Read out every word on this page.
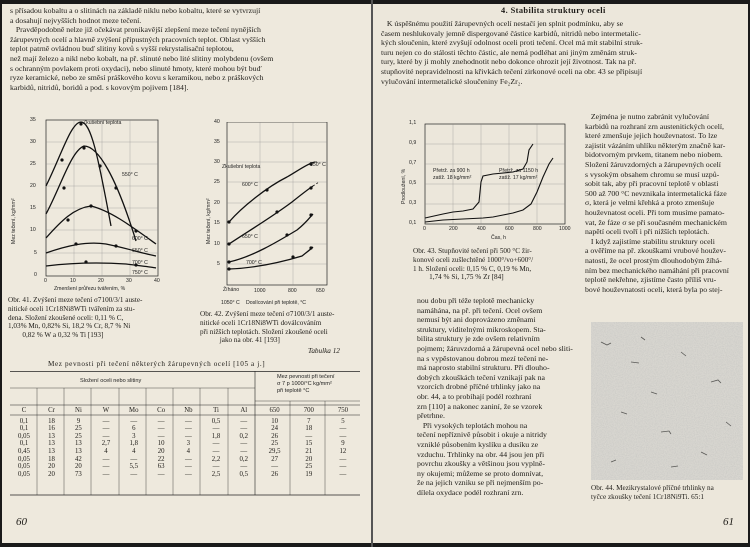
s přísadou kobaltu a o slitinách na základě niklu nebo kobaltu, které se vytvrzují
a dosahují nejvyšších hodnot meze tečení.
Pravděpodobně nelze již očekávat pronikavější zlepšení meze tečení nynějších
žárupevných ocelí a hlavně zvýšení přípustných pracovních teplot. Oblast vyšších
teplot patrně ovládnou buď slitiny kovů s vyšší rekrystalisační teplotou,
než mají železo a nikl nebo kobalt, na př. slinuté nebo lité slitiny molybdenu (ovšem
s ochranným povlakem proti oxydaci), nebo slinuté hmoty, které mohou být buď
ryze keramické, nebo ze směsí práškového kovu s keramikou, nebo z práškových
karbidů, nitridů, boridů a pod. s kovovým pojivem [184].
Zkušební teplota
35
30
25
20
15
10
5
0
Mez tečení, kg/mm²
0	10	20	30	40
Zmenšení průřezu tvářením, %
550° C
600° C
650° C
700° C
750° C
Obr. 41. Zvýšení meze tečení σ7100/3/1 auste-
nitické oceli 1Cr18Ni8WTi tvářením za stu-
dena. Složení zkoušené oceli: 0,11 % C,
1,03% Mn, 0,82% Si, 18,2 % Cr, 8,7 % Ni
0,82 % W a 0,32 % Ti [193]
Zkušební teplota
40
35
30
25
20
15
10
5
Mez tečení, kg/mm²
550° C
600° C
650° C
700° C
Žíháno
1050° C
1000	800	650
Doslícování při teplotě, °C
Obr. 42. Zvýšení meze tečení σ7100/3/1 auste-
nitické oceli 1Cr18Ni8WTi doválcováním
při nižších teplotách. Složení zkoušené oceli
jako na obr. 41 [193]
Tabulka 12
Mez pevnosti při tečení některých žárupevných ocelí [105 a j.]
Složení oceli nebo slitiny
Mez pevnosti při tečení
σ 7 p 1000/°C kg/mm²
při teplotě °C
C	Cr	Ni	W	Mo	Co	Nb	Ti	Al	650	700	750

0,1	18	9	—	—	—	—	0,5	—	10	7	5
0,1	16	25	—	6	—	—	—	—	24	18	—
0,05	13	25	—	3	—	—	1,8	0,2	26	—	—
0,1	13	13	2,7	1,8	10	3	—	—	25	15	9
0,45	13	13	4	4	20	4	—	—	29,5	21	12
0,05	18	42	—	—	22	—	2,2	0,2	27	20	—
0,05	20	20	—	5,5	63	—	—	—	—	25	—
0,05	20	73	—	—	—	—	2,5	0,5	26	19	—
60
4. Stabilita struktury oceli
K úspěšnému použití žárupevných ocelí nestačí jen splnit podmínku, aby se
časem neshlukovaly jemně dispergované částice karbidů, nitridů nebo intermetalic-
kých sloučenin, které zvyšují odolnost oceli proti tečení. Ocel má mít stabilní struk-
turu nejen co do stálosti těchto částic, ale nemá podléhat ani jiným změnám struk-
tury, které by ji mohly znehodnotit nebo dokonce ohrozit její životnost. Tak na př.
stupňovité nepravidelnosti na křivkách tečení zirkonové oceli na obr. 43 se připisují
vylučování intermetalické sloučeniny Fe₂Zr₂.
1,1
0,9
0,7
0,5
0,3
0,1
Prodloužení, %	Přetrž. za 900 h
zatíž. 18 kg/mm²
Přetrž. za 1150 h
zatíž. 17 kg/mm²
0	200	400	600	800	1000
Čas, h
Obr. 43. Stupňovité tečení při 500 °C žir-
konové oceli zušlechtěné 1000°/vo+600°/
1 h. Složení oceli: 0,15 % C, 0,19 % Mn,
1,74 % Si, 1,75 % Zr [84]
Zejména je nutno zabránit vylučování
karbidů na rozhraní zrn austenitických ocelí,
které zmenšuje jejich houževnatost. To lze
zajistit vázáním uhlíku některým značně kar-
bidotvorným prvkem, titanem nebo niobem.
Složení žáruvzdorných a žárupevných ocelí
s vysokým obsahem chromu se musí uzpů-
sobit tak, aby při pracovní teplotě v oblasti
500 až 700 °C nevznikala intermetalická fáze
σ, která je velmi křehká a proto zmenšuje
houževnatost oceli. Při tom musíme pamato-
vat, že fáze σ se při současném mechanickém
napětí oceli tvoří i při nižších teplotách.
I když zajistíme stabilitu struktury oceli
a ověříme na př. zkouškami vrubové houžev-
natosti, že ocel prostým dlouhodobým žíhá-
ním bez mechanického namáhání při pracovní
teplotě nekřehne, zjistíme často příliš vru-
bové houževnatosti oceli, která byla po stej-
nou dobu při téže teplotě mechanicky
namáhána, na př. při tečení. Ocel ovšem
nemusí být ani doprovázeno změnami
struktury, viditelnými mikroskopem. Sta-
bilita struktury je zde ovšem relativním
pojmem; žáruvzdorná a žárupevná ocel nebo sliti-
na s vypěstovanou dobrou mezí tečení ne-
má naprosto stabilní strukturu. Při dlouho-
dobých zkouškách tečení vznikají pak na
vzorcích drobné příčné trhlinky jako na
obr. 44, a to probíhají podél rozhraní
zrn [110] a nakonec zaniní, že se vzorek
přetrhne.
Při vysokých teplotách mohou na
tečení nepříznivě působit i okuje a nitridy
vzniklé působením kyslíku a dusíku ze
vzduchu. Trhlinky na obr. 44 jsou jen při
povrchu zkoušky a většinou jsou vyplně-
ny okujemi; můžeme se proto domnívat,
že na jejich vzniku se při nejmenším po-
dílela oxydace podél rozhraní zrn.	Obr. 44. Mezikrystalové příčné trhlinky na
tyčce zkoušky tečení 1Cr18Ni9Ti. 65:1
61
